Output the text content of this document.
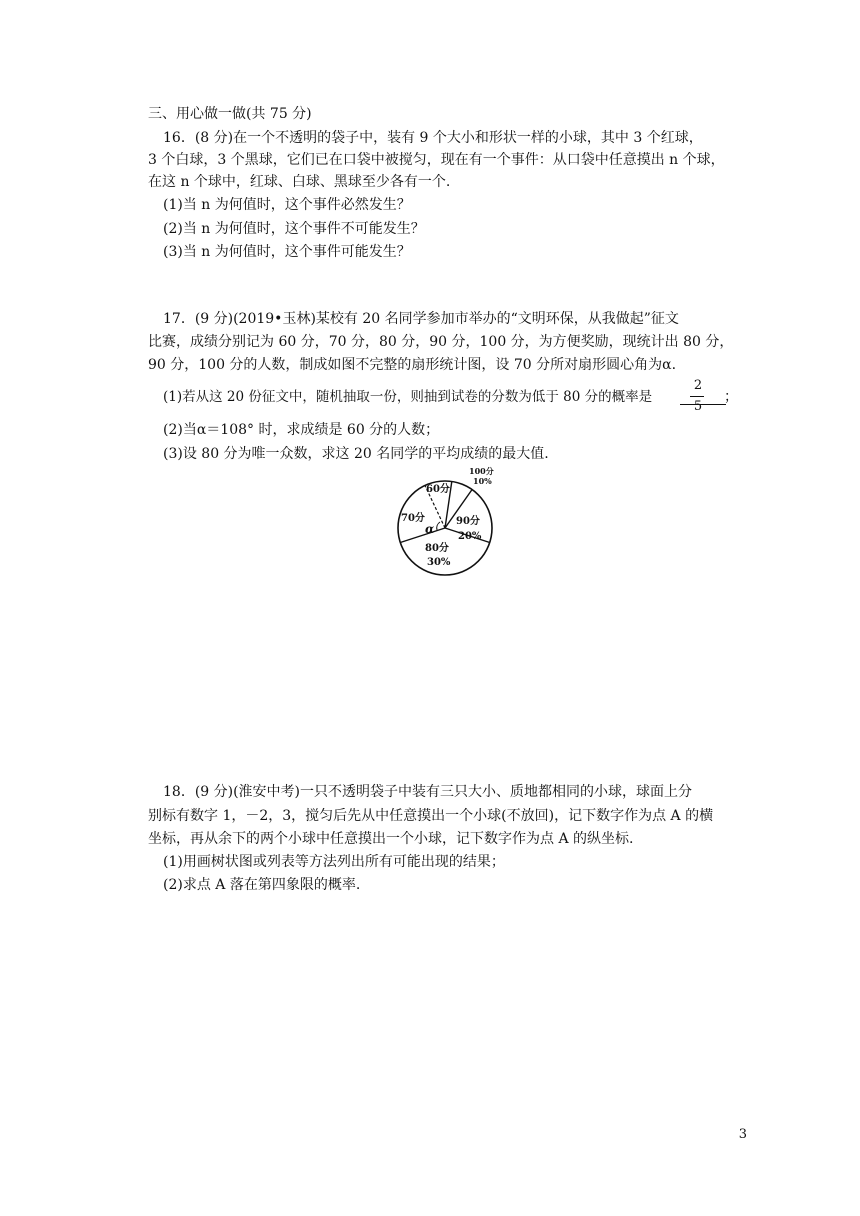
三、用心做一做(共 75 分)
16．(8 分)在一个不透明的袋子中，装有 9 个大小和形状一样的小球，其中 3 个红球，
3 个白球，3 个黑球，它们已在口袋中被搅匀，现在有一个事件：从口袋中任意摸出 n 个球，
在这 n 个球中，红球、白球、黑球至少各有一个.
(1)当 n 为何值时，这个事件必然发生？
(2)当 n 为何值时，这个事件不可能发生？
(3)当 n 为何值时，这个事件可能发生？
17．(9 分)(2019•玉林)某校有 20 名同学参加市举办的“文明环保，从我做起”征文
比赛，成绩分别记为 60 分，70 分，80 分，90 分，100 分，为方便奖励，现统计出 80 分，
90 分，100 分的人数，制成如图不完整的扇形统计图，设 70 分所对扇形圆心角为α.
(1)若从这 20 份征文中，随机抽取一份，则抽到试卷的分数为低于 80 分的概率是
2
5
；
(2)当α＝108° 时，求成绩是 60 分的人数；
(3)设 80 分为唯一众数，求这 20 名同学的平均成绩的最大值.
60分
100分
10%
90分
20%
80分
30%
70分
α
18．(9 分)(淮安中考)一只不透明袋子中装有三只大小、质地都相同的小球，球面上分
别标有数字 1，－2，3，搅匀后先从中任意摸出一个小球(不放回)，记下数字作为点 A 的横
坐标，再从余下的两个小球中任意摸出一个小球，记下数字作为点 A 的纵坐标.
(1)用画树状图或列表等方法列出所有可能出现的结果；
(2)求点 A 落在第四象限的概率.
3
